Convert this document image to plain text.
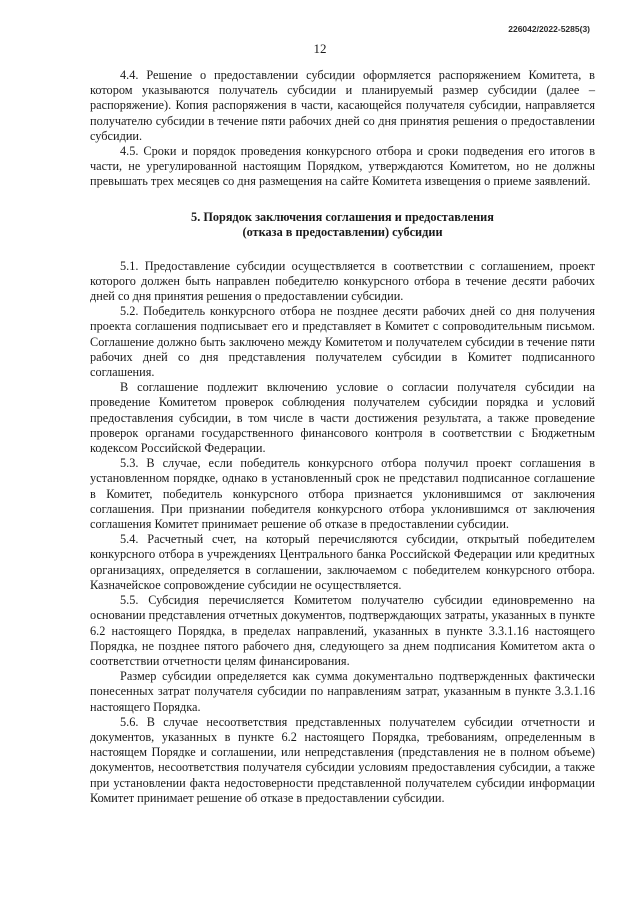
226042/2022-5285(3)
12

4.4. Решение о предоставлении субсидии оформляется распоряжением Комитета, в котором указываются получатель субсидии и планируемый размер субсидии (далее – распоряжение). Копия распоряжения в части, касающейся получателя субсидии, направляется получателю субсидии в течение пяти рабочих дней со дня принятия решения о предоставлении субсидии.

4.5. Сроки и порядок проведения конкурсного отбора и сроки подведения его итогов в части, не урегулированной настоящим Порядком, утверждаются Комитетом, но не должны превышать трех месяцев со дня размещения на сайте Комитета извещения о приеме заявлений.

5. Порядок заключения соглашения и предоставления
(отказа в предоставлении) субсидии

5.1. Предоставление субсидии осуществляется в соответствии с соглашением, проект которого должен быть направлен победителю конкурсного отбора в течение десяти рабочих дней со дня принятия решения о предоставлении субсидии.

5.2. Победитель конкурсного отбора не позднее десяти рабочих дней со дня получения проекта соглашения подписывает его и представляет в Комитет с сопроводительным письмом. Соглашение должно быть заключено между Комитетом и получателем субсидии в течение пяти рабочих дней со дня представления получателем субсидии в Комитет подписанного соглашения.

В соглашение подлежит включению условие о согласии получателя субсидии на проведение Комитетом проверок соблюдения получателем субсидии порядка и условий предоставления субсидии, в том числе в части достижения результата, а также проведение проверок органами государственного финансового контроля в соответствии с Бюджетным кодексом Российской Федерации.

5.3. В случае, если победитель конкурсного отбора получил проект соглашения в установленном порядке, однако в установленный срок не представил подписанное соглашение в Комитет, победитель конкурсного отбора признается уклонившимся от заключения соглашения. При признании победителя конкурсного отбора уклонившимся от заключения соглашения Комитет принимает решение об отказе в предоставлении субсидии.

5.4. Расчетный счет, на который перечисляются субсидии, открытый победителем конкурсного отбора в учреждениях Центрального банка Российской Федерации или кредитных организациях, определяется в соглашении, заключаемом с победителем конкурсного отбора. Казначейское сопровождение субсидии не осуществляется.

5.5. Субсидия перечисляется Комитетом получателю субсидии единовременно на основании представления отчетных документов, подтверждающих затраты, указанных в пункте 6.2 настоящего Порядка, в пределах направлений, указанных в пункте 3.3.1.16 настоящего Порядка, не позднее пятого рабочего дня, следующего за днем подписания Комитетом акта о соответствии отчетности целям финансирования.

Размер субсидии определяется как сумма документально подтвержденных фактически понесенных затрат получателя субсидии по направлениям затрат, указанным в пункте 3.3.1.16 настоящего Порядка.

5.6. В случае несоответствия представленных получателем субсидии отчетности и документов, указанных в пункте 6.2 настоящего Порядка, требованиям, определенным в настоящем Порядке и соглашении, или непредставления (представления не в полном объеме) документов, несоответствия получателя субсидии условиям предоставления субсидии, а также при установлении факта недостоверности представленной получателем субсидии информации Комитет принимает решение об отказе в предоставлении субсидии.
